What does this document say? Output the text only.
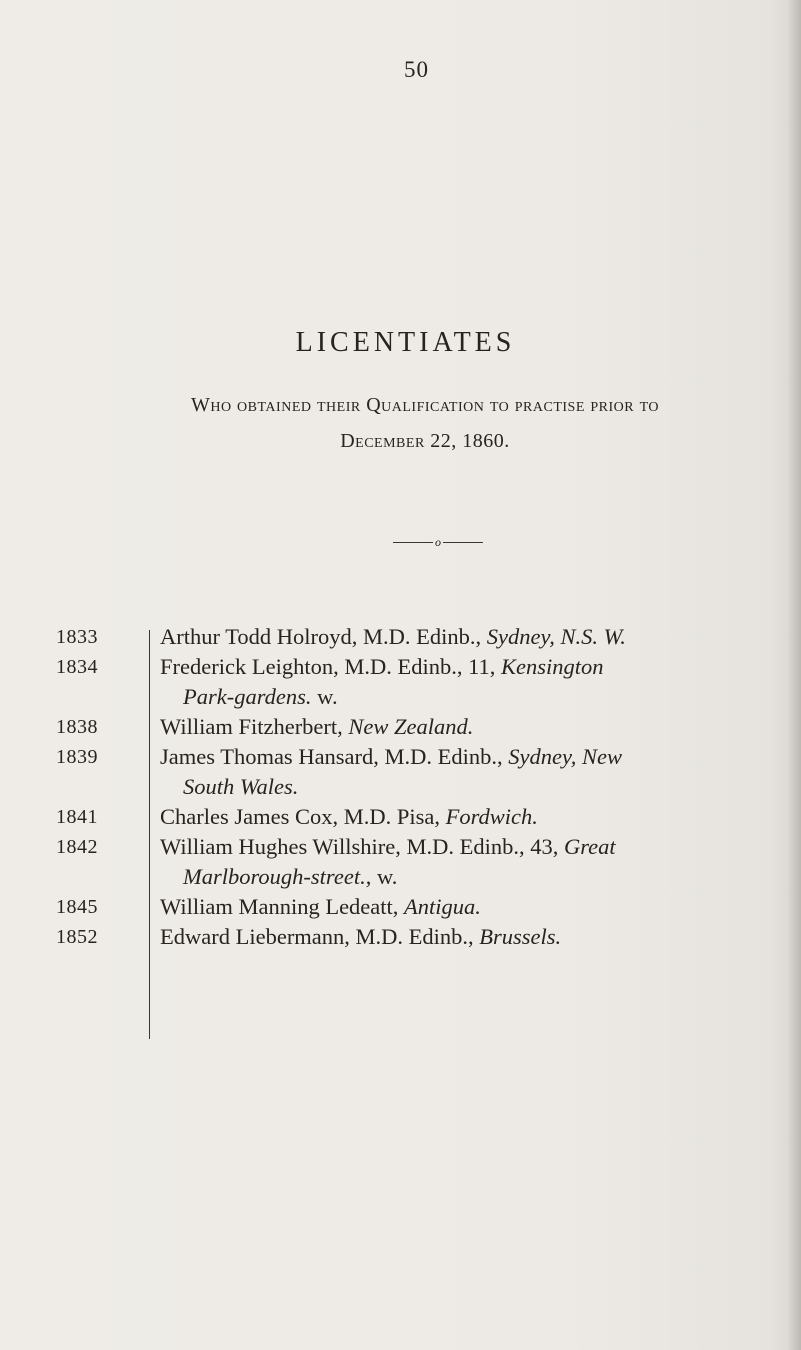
50
LICENTIATES
Who obtained their Qualification to practise prior to
December 22, 1860.
o
1833
1834
1838
1839
1841
1842
1845
1852
Arthur Todd Holroyd, M.D. Edinb., Sydney, N.S. W.
Frederick Leighton, M.D. Edinb., 11, Kensington
Park-gardens. w.
William Fitzherbert, New Zealand.
James Thomas Hansard, M.D. Edinb., Sydney, New
South Wales.
Charles James Cox, M.D. Pisa, Fordwich.
William Hughes Willshire, M.D. Edinb., 43, Great
Marlborough-street., w.
William Manning Ledeatt, Antigua.
Edward Liebermann, M.D. Edinb., Brussels.
